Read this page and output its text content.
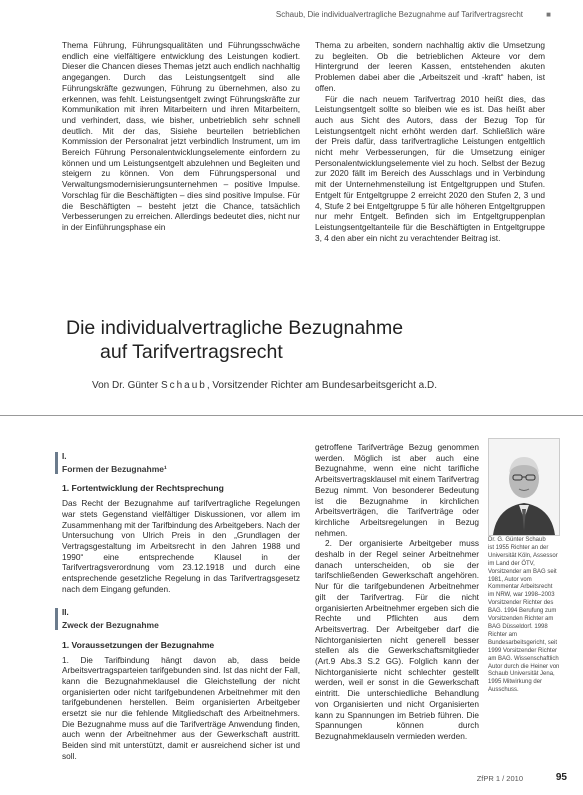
Schaub, Die individualvertragliche Bezugnahme auf Tarifvertragsrecht	■

Thema Führung, Führungsqualitäten und Führungsschwäche endlich eine vielfältigere entwicklung des Leistungen kodiert. Dieser die Chancen dieses Themas jetzt auch endlich nachhaltig angegangen. Durch das Leistungsentgelt sind alle Führungskräfte gezwungen, Führung zu übernehmen, also zu erkennen, was fehlt. Leistungsentgelt zwingt Führungskräfte zur Kommunikation mit ihren Mitarbeitern und ihren Mitarbeitern, und verhindert, dass, wie bisher, unbetrieblich sehr schnell deutlich. Mit der das, Sisiehe beurteilen betrieblichen Kommission der Personalrat jetzt verbindlich Instrument, um im Bereich Führung Personalentwicklungselemente einfordern zu können und um Leistungsentgelt abzulehnen und Begleiten und steigern zu können. Von dem Führungspersonal und Verwaltungsmodernisierungsunternehmen – positive Impulse. Vorschlag für die Beschäftigten – dies sind positive Impulse. Für die Beschäftigten – besteht jetzt die Chance, tatsächlich Verbesserungen zu erreichen. Allerdings bedeutet dies, nicht nur in der Einführungsphase ein

Thema zu arbeiten, sondern nachhaltig aktiv die Umsetzung zu begleiten. Ob die betrieblichen Akteure vor dem Hintergrund der leeren Kassen, entstehenden akuten Problemen dabei aber die „Arbeitszeit und -kraft“ haben, ist offen.

Für die nach neuem Tarifvertrag 2010 heißt dies, das Leistungsentgelt sollte so bleiben wie es ist. Das heißt aber auch aus Sicht des Autors, dass der Bezug Top für Leistungsentgelt nicht erhöht werden darf. Schließlich wäre der Preis dafür, dass tarifvertragliche Leistungen entgeltlich nicht mehr Verbesserungen, für die Umsetzung einiger Personalentwicklungselemente viel zu hoch. Selbst der Bezug zur 2020 fällt im Bereich des Ausschlags und in Verbindung mit der Unternehmensteilung ist Entgeltgruppen und Stufen. Entgelt für Entgeltgruppe 2 erreicht 2020 den Stufen 2, 3 und 4, Stufe 2 bei Entgeltgruppe 5 für alle höheren Entgeltgruppen nur mehr Entgelt. Befinden sich im Entgeltgruppenplan Leistungsentgeltanteile für die Beschäftigten in Entgeltgruppe 3, 4 den aber ein nicht zu verachtender Beitrag ist.

Die individualvertragliche Bezugnahme
auf Tarifvertragsrecht
Von Dr. Günter Schaub, Vorsitzender Richter am Bundesarbeitsgericht a.D.
I.
Formen der Bezugnahme¹
1. Fortentwicklung der Rechtsprechung

Das Recht der Bezugnahme auf tarifvertragliche Regelungen war stets Gegenstand vielfältiger Diskussionen, vor allem im Zusammenhang mit der Tarifbindung des Arbeitgebers. Nach der Untersuchung von Ulrich Preis in den „Grundlagen der Vertragsgestaltung im Arbeitsrecht in den Jahren 1988 und 1990“ eine entsprechende Klausel in der Tarifvertragsverordnung vom 23.12.1918 und durch eine entsprechende gesetzliche Regelung in das Tarifvertragsgesetz nach dem Eingang gefunden.

II.
Zweck der Bezugnahme
1. Voraussetzungen der Bezugnahme

1. Die Tarifbindung hängt davon ab, dass beide Arbeitsvertragsparteien tarifgebunden sind. Ist das nicht der Fall, kann die Bezugnahmeklausel die Gleichstellung der nicht organisierten oder nicht tarifgebundenen Arbeitnehmer mit den tarifgebundenen herstellen. Beim organisierten Arbeitgeber ersetzt sie nur die fehlende Mitgliedschaft des Arbeitnehmers. Die Bezugnahme muss auf die Tarifverträge Anwendung finden, auch wenn der Arbeitnehmer aus der Gewerkschaft austritt. Beiden sind mit unterstützt, damit er ausreichend sicher ist und soll.

getroffene Tarifverträge Bezug genommen werden. Möglich ist aber auch eine Bezugnahme, wenn eine nicht tarifliche Arbeitsvertragsklausel mit einem Tarifvertrag Bezug nimmt. Von besonderer Bedeutung ist die Bezugnahme in kirchlichen Arbeitsverträgen, die Tarifverträge oder kirchliche Arbeitsregelungen in Bezug nehmen.

2. Der organisierte Arbeitgeber muss deshalb in der Regel seiner Arbeitnehmer danach unterscheiden, ob sie der tarifschließenden Gewerkschaft angehören. Nur für die tarifgebundenen Arbeitnehmer gilt der Tarifvertrag. Für die nicht organisierten Arbeitnehmer ergeben sich die Rechte und Pflichten aus dem Arbeitsvertrag. Der Arbeitgeber darf die Nichtorganisierten nicht generell besser stellen als die Gewerkschaftsmitglieder (Art.9 Abs.3 S.2 GG). Folglich kann der Nichtorganisierte nicht schlechter gestellt werden, weil er sonst in die Gewerkschaft eintritt. Die unterschiedliche Behandlung von Organisierten und nicht Organisierten kann zu Spannungen im Betrieb führen. Die Spannungen können durch Bezugnahmeklauseln vermieden werden.

Dr. G. Günter Schaub
ist 1955 Richter an der Universität Köln, Assessor im Land der ÖTV, Vorsitzender am BAG seit 1981, Autor vom Kommentar Arbeitsrecht im NRW, war 1998–2003 Vorsitzender Richter des BAG. 1994 Berufung zum Vorsitzenden Richter am BAG Düsseldorf. 1998 Richter am Bundesarbeitsgericht, seit 1999 Vorsitzender Richter am BAG. Wissenschaftlich Autor durch die Heiner von Schaub Universität Jena, 1995 Mitwirkung der Ausschuss.
ZfPR 1 / 2010	95
